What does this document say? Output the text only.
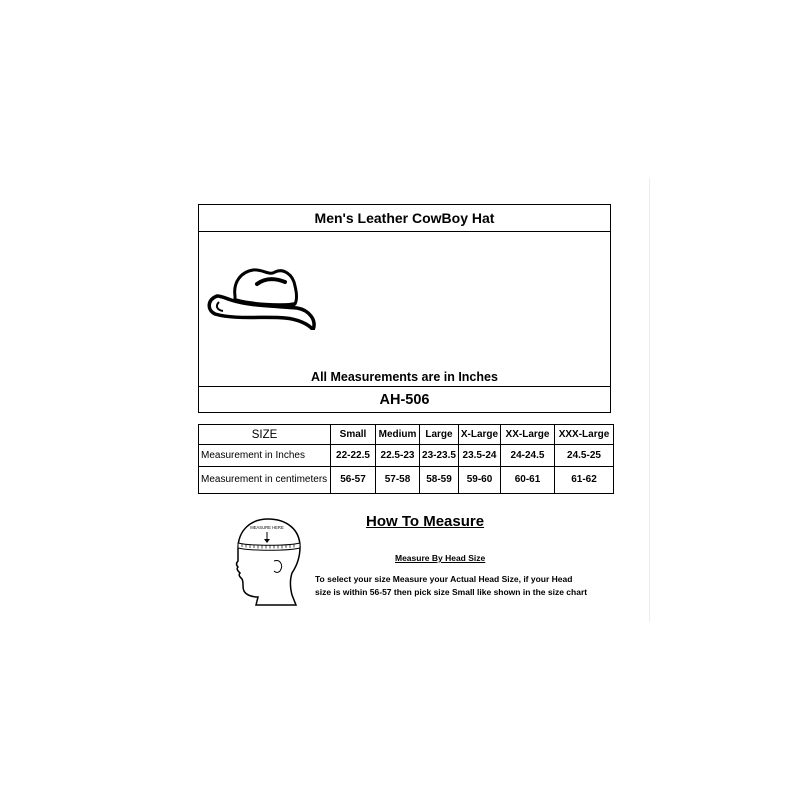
Men's Leather CowBoy Hat
All Measurements are in Inches
AH-506
SIZE	Small	Medium	Large	X-Large	XX-Large	XXX-Large
Measurement in Inches	22-22.5	22.5-23	23-23.5	23.5-24	24-24.5	24.5-25
Measurement in centimeters	56-57	57-58	58-59	59-60	60-61	61-62
MEASURE HERE	How To Measure
Measure By Head Size
To select your size Measure your Actual Head Size, if your Head size is within 56-57 then pick size Small like shown in the size chart
